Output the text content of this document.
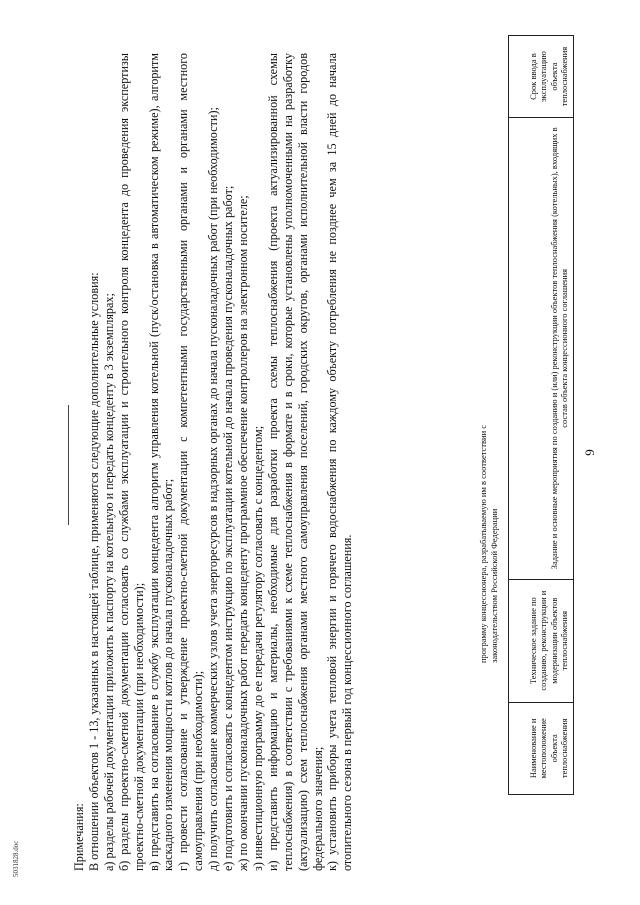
9
Наименование и местоположение объекта теплоснабжения	Техническое задание по созданию, реконструкции и модернизации объектов теплоснабжения	Задание и основные мероприятия по созданию и (или) реконструкции объектов теплоснабжения (котельных), входящих в состав объекта концессионного соглашения	Срок ввода в эксплуатацию объекта теплоснабжения
программу концессионера, разрабатываемую им в соответствии с законодательством Российской Федерации

Примечания: В отношении объектов 1 - 13, указанных в настоящей таблице, применяются следующие дополнительные условия: а) разделы рабочей документации приложить к паспорту на котельную и передать концеденту в 3 экземплярах; б) разделы проектно-сметной документации согласовать со службами эксплуатации и строительного контроля концедента до проведения экспертизы проектно-сметной документации (при необходимости); в) представить на согласование в службу эксплуатации концедента алгоритм управления котельной (пуск/остановка в автоматическом режиме), алгоритм каскадного изменения мощности котлов до начала пусконаладочных работ; г) провести согласование и утверждение проектно-сметной документации с компетентными государственными органами и органами местного самоуправления (при необходимости); д) получить согласование коммерческих узлов учета энергоресурсов в надзорных органах до начала пусконаладочных работ (при необходимости); е) подготовить и согласовать с концедентом инструкцию по эксплуатации котельной до начала проведения пусконаладочных работ; ж) по окончании пусконаладочных работ передать концеденту программное обеспечение контроллеров на электронном носителе; з) инвестиционную программу до ее передачи регулятору согласовать с концедентом; и) представить информацию и материалы, необходимые для разработки проекта схемы теплоснабжения (проекта актуализированной схемы теплоснабжения) в соответствии с требованиями к схеме теплоснабжения в формате и в сроки, которые установлены уполномоченными на разработку (актуализацию) схем теплоснабжения органами местного самоуправления поселений, городских округов, органами исполнительной власти городов федерального значения; к) установить приборы учета тепловой энергии и горячего водоснабжения по каждому объекту потребления не позднее чем за 15 дней до начала отопительного сезона в первый год концессионного соглашения.

5031828.doc
